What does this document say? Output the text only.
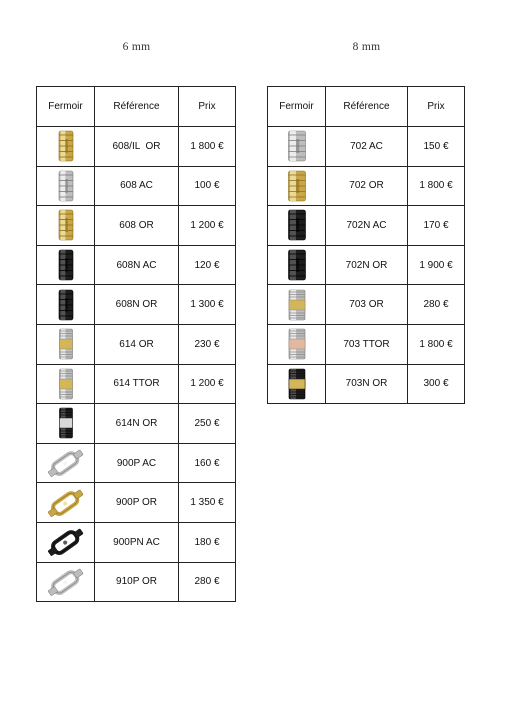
6 mm	8 mm
Fermoir	Référence	Prix
	608/IL  OR	1 800 €
	608 AC	100 €
	608 OR	1 200 €
	608N AC	120 €
	608N OR	1 300 €
	614 OR	230 €
	614 TTOR	1 200 €
	614N OR	250 €
	900P AC	160 €
	900P OR	1 350 €
	900PN AC	180 €
	910P OR	280 €
Fermoir	Référence	Prix
	702 AC	150 €
	702 OR	1 800 €
	702N AC	170 €
	702N OR	1 900 €
	703 OR	280 €
	703 TTOR	1 800 €
	703N OR	300 €
